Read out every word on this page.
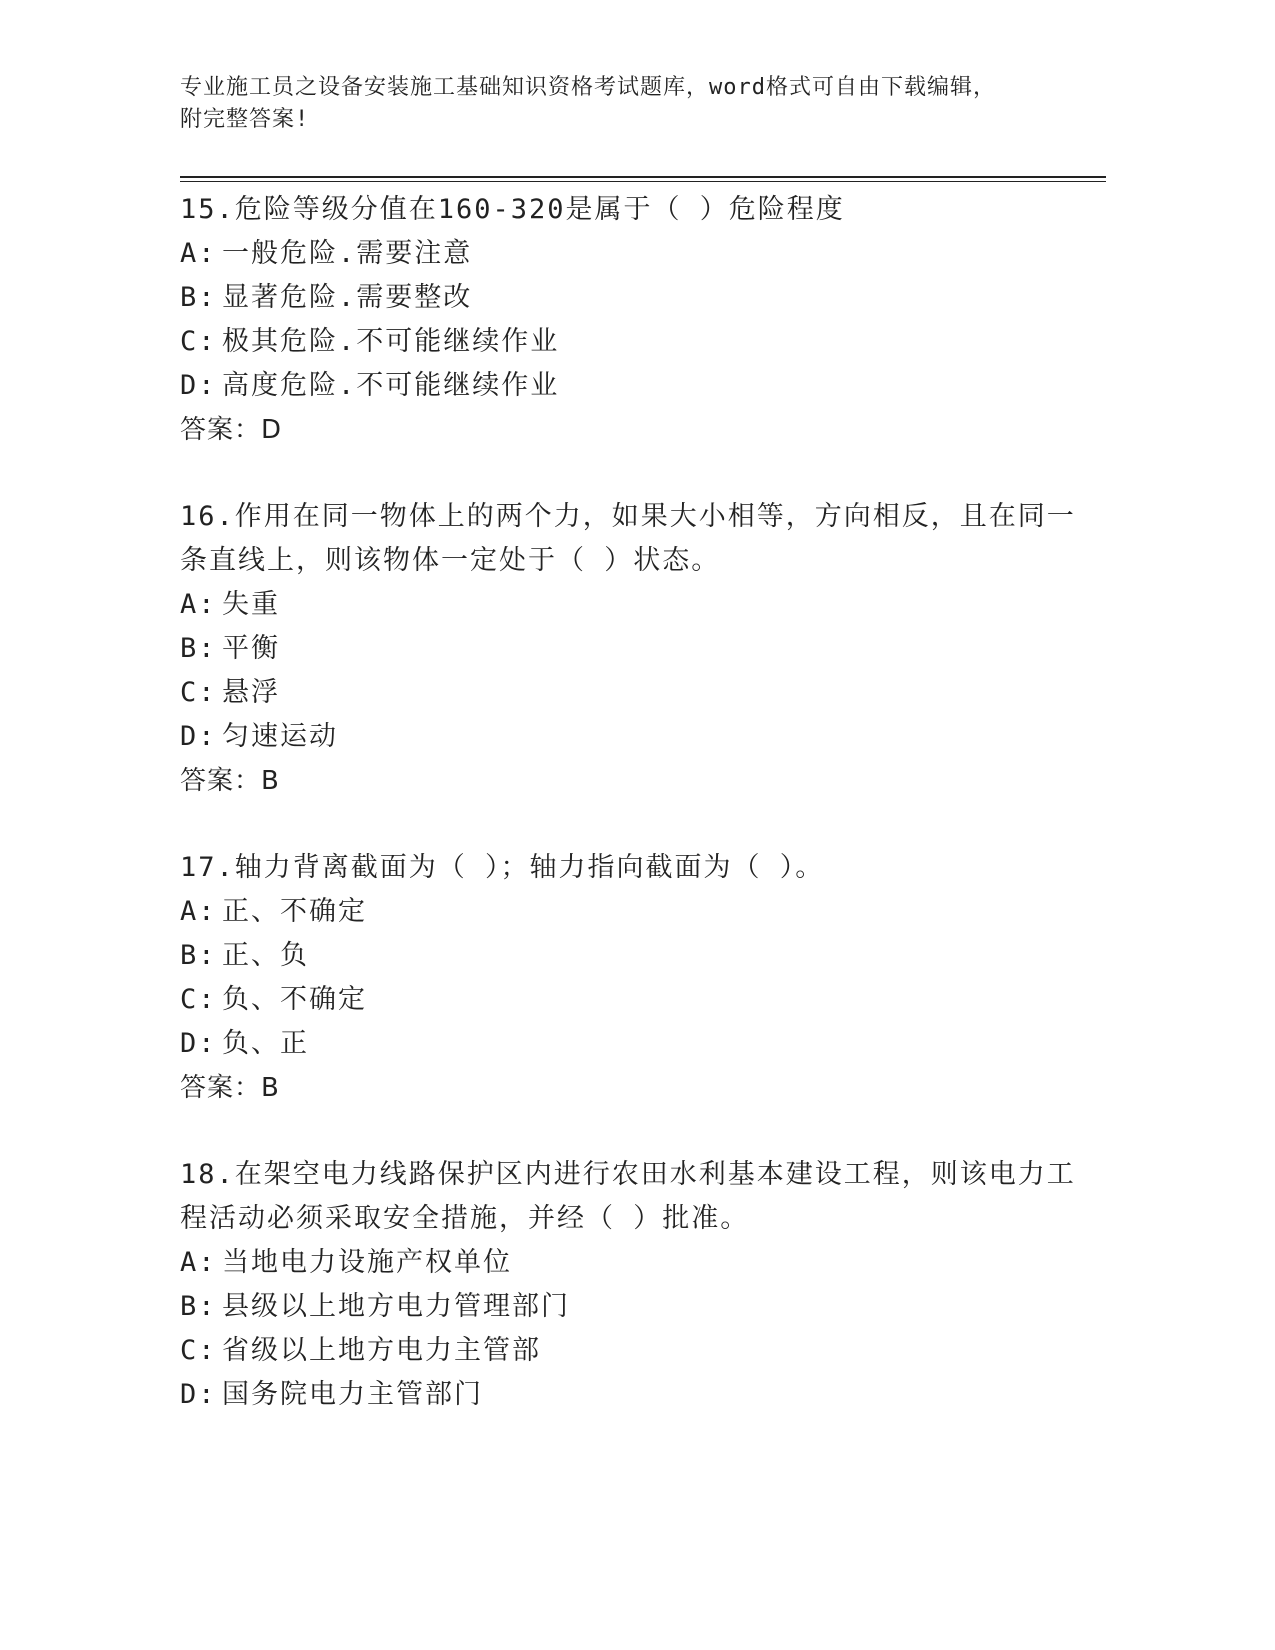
专业施工员之设备安装施工基础知识资格考试题库，word格式可自由下载编辑，
附完整答案!
15.危险等级分值在160-320是属于（ ）危险程度
A: 一般危险.需要注意
B: 显著危险.需要整改
C: 极其危险.不可能继续作业
D: 高度危险.不可能继续作业
答案：D
16.作用在同一物体上的两个力，如果大小相等，方向相反，且在同一
条直线上，则该物体一定处于（ ）状态。
A: 失重
B: 平衡
C: 悬浮
D: 匀速运动
答案：B
17.轴力背离截面为（ ）；轴力指向截面为（ ）。
A: 正、不确定
B: 正、负
C: 负、不确定
D: 负、正
答案：B
18.在架空电力线路保护区内进行农田水利基本建设工程，则该电力工
程活动必须采取安全措施，并经（ ）批准。
A: 当地电力设施产权单位
B: 县级以上地方电力管理部门
C: 省级以上地方电力主管部
D: 国务院电力主管部门
